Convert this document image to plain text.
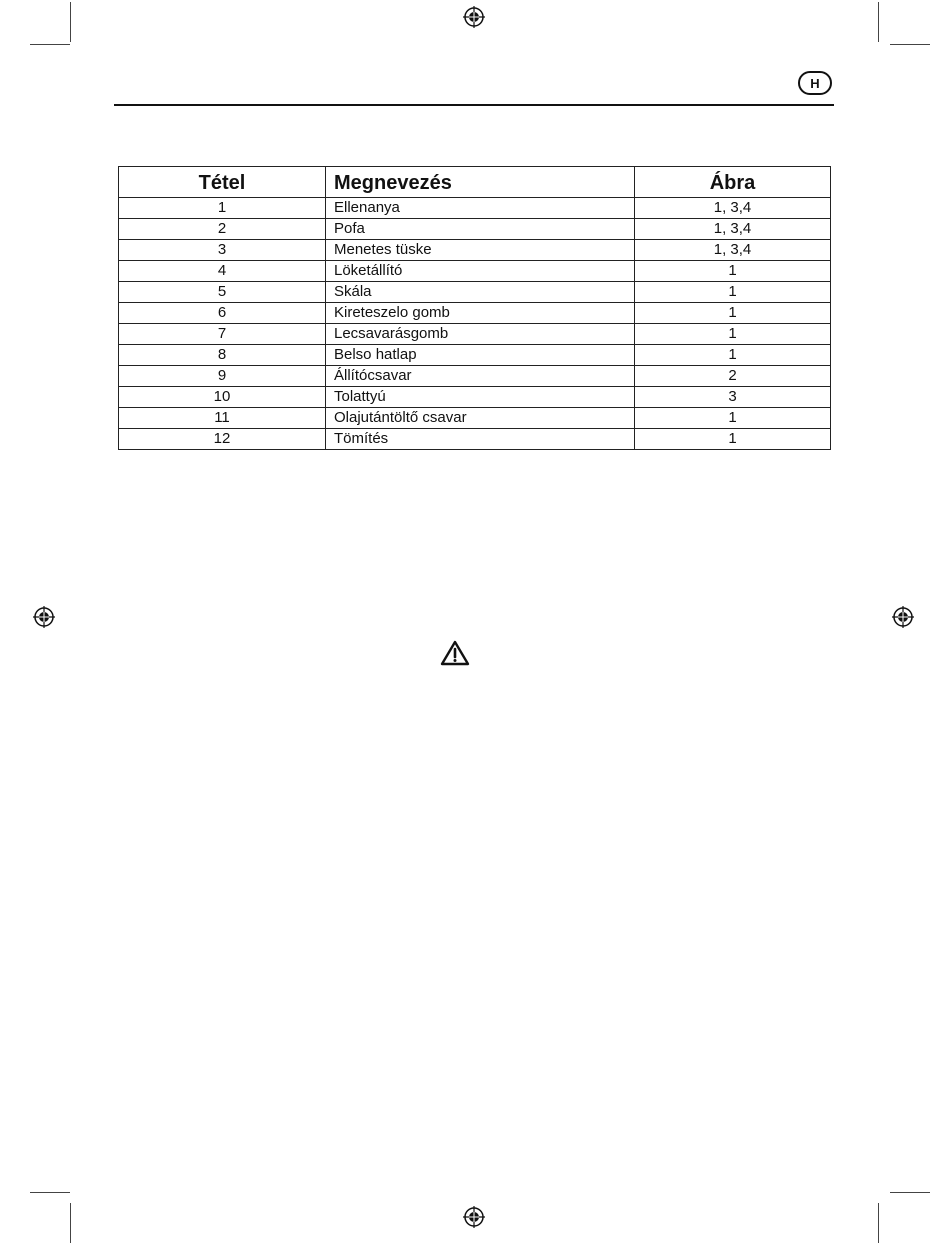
H
Tétel	Megnevezés	Ábra
1	Ellenanya	1, 3,4
2	Pofa	1, 3,4
3	Menetes tüske	1, 3,4
4	Löketállító	1
5	Skála	1
6	Kireteszelo gomb	1
7	Lecsavarásgomb	1
8	Belso hatlap	1
9	Állítócsavar	2
10	Tolattyú	3
11	Olajutántöltő csavar	1
12	Tömítés	1
